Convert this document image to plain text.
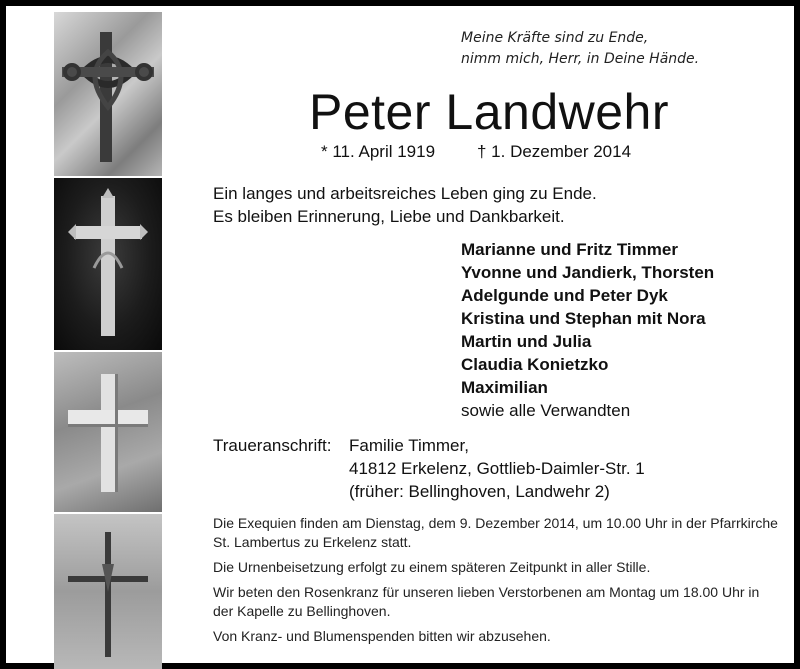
Meine Kräfte sind zu Ende,
nimm mich, Herr, in Deine Hände.
Peter Landwehr
* 11. April 1919 † 1. Dezember 2014
Ein langes und arbeitsreiches Leben ging zu Ende.
Es bleiben Erinnerung, Liebe und Dankbarkeit.
Marianne und Fritz Timmer
Yvonne und Jandierk, Thorsten
Adelgunde und Peter Dyk
Kristina und Stephan mit Nora
Martin und Julia
Claudia Konietzko
Maximilian
sowie alle Verwandten
Traueranschrift: Familie Timmer,
41812 Erkelenz, Gottlieb-Daimler-Str. 1
(früher: Bellinghoven, Landwehr 2)

Die Exequien finden am Dienstag, dem 9. Dezember 2014, um 10.00 Uhr in der Pfarrkirche St. Lambertus zu Erkelenz statt.

Die Urnenbeisetzung erfolgt zu einem späteren Zeitpunkt in aller Stille.

Wir beten den Rosenkranz für unseren lieben Verstorbenen am Montag um 18.00 Uhr in der Kapelle zu Bellinghoven.

Von Kranz- und Blumenspenden bitten wir abzusehen.
